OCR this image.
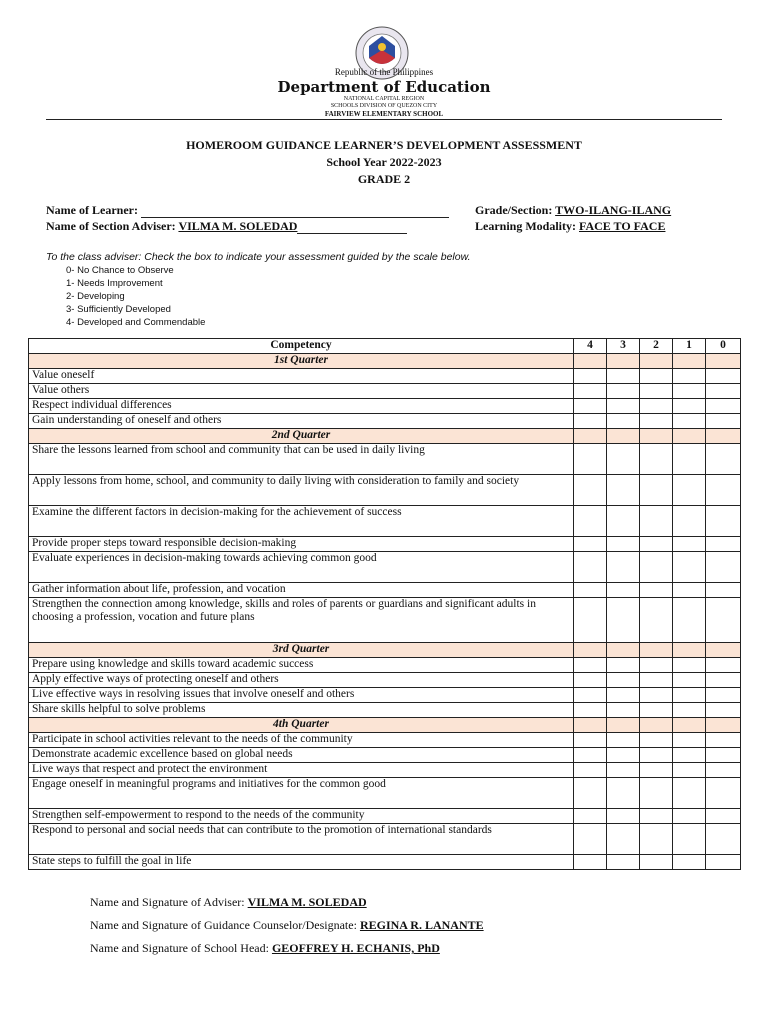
Republic of the Philippines
Department of Education
NATIONAL CAPITAL REGION
SCHOOLS DIVISION OF QUEZON CITY
FAIRVIEW ELEMENTARY SCHOOL
HOMEROOM GUIDANCE LEARNER’S DEVELOPMENT ASSESSMENT
School Year 2022-2023
GRADE 2
Name of Learner:	Grade/Section: TWO-ILANG-ILANG
Name of Section Adviser: VILMA M. SOLEDAD	Learning Modality: FACE TO FACE
To the class adviser: Check the box to indicate your assessment guided by the scale below.
0- No Chance to Observe
1- Needs Improvement
2- Developing
3- Sufficiently Developed
4- Developed and Commendable
Competency	4	3	2	1	0
1st Quarter					
Value oneself					
Value others					
Respect individual differences					
Gain understanding of oneself and others					
2nd Quarter					
Share the lessons learned from school and community that can be used in daily living					
Apply lessons from home, school, and community to daily living with consideration to family and society					
Examine the different factors in decision-making for the achievement of success					
Provide proper steps toward responsible decision-making					
Evaluate experiences in decision-making towards achieving common good					
Gather information about life, profession, and vocation					
Strengthen the connection among knowledge, skills and roles of parents or guardians and significant adults in choosing a profession, vocation and future plans					
3rd Quarter					
Prepare using knowledge and skills toward academic success					
Apply effective ways of protecting oneself and others					
Live effective ways in resolving issues that involve oneself and others					
Share skills helpful to solve problems					
4th Quarter					
Participate in school activities relevant to the needs of the community					
Demonstrate academic excellence based on global needs					
Live ways that respect and protect the environment					
Engage oneself in meaningful programs and initiatives for the common good					
Strengthen self-empowerment to respond to the needs of the community					
Respond to personal and social needs that can contribute to the promotion of international standards					
State steps to fulfill the goal in life					
Name and Signature of Adviser: VILMA M. SOLEDAD
Name and Signature of Guidance Counselor/Designate: REGINA R. LANANTE
Name and Signature of School Head: GEOFFREY H. ECHANIS, PhD
